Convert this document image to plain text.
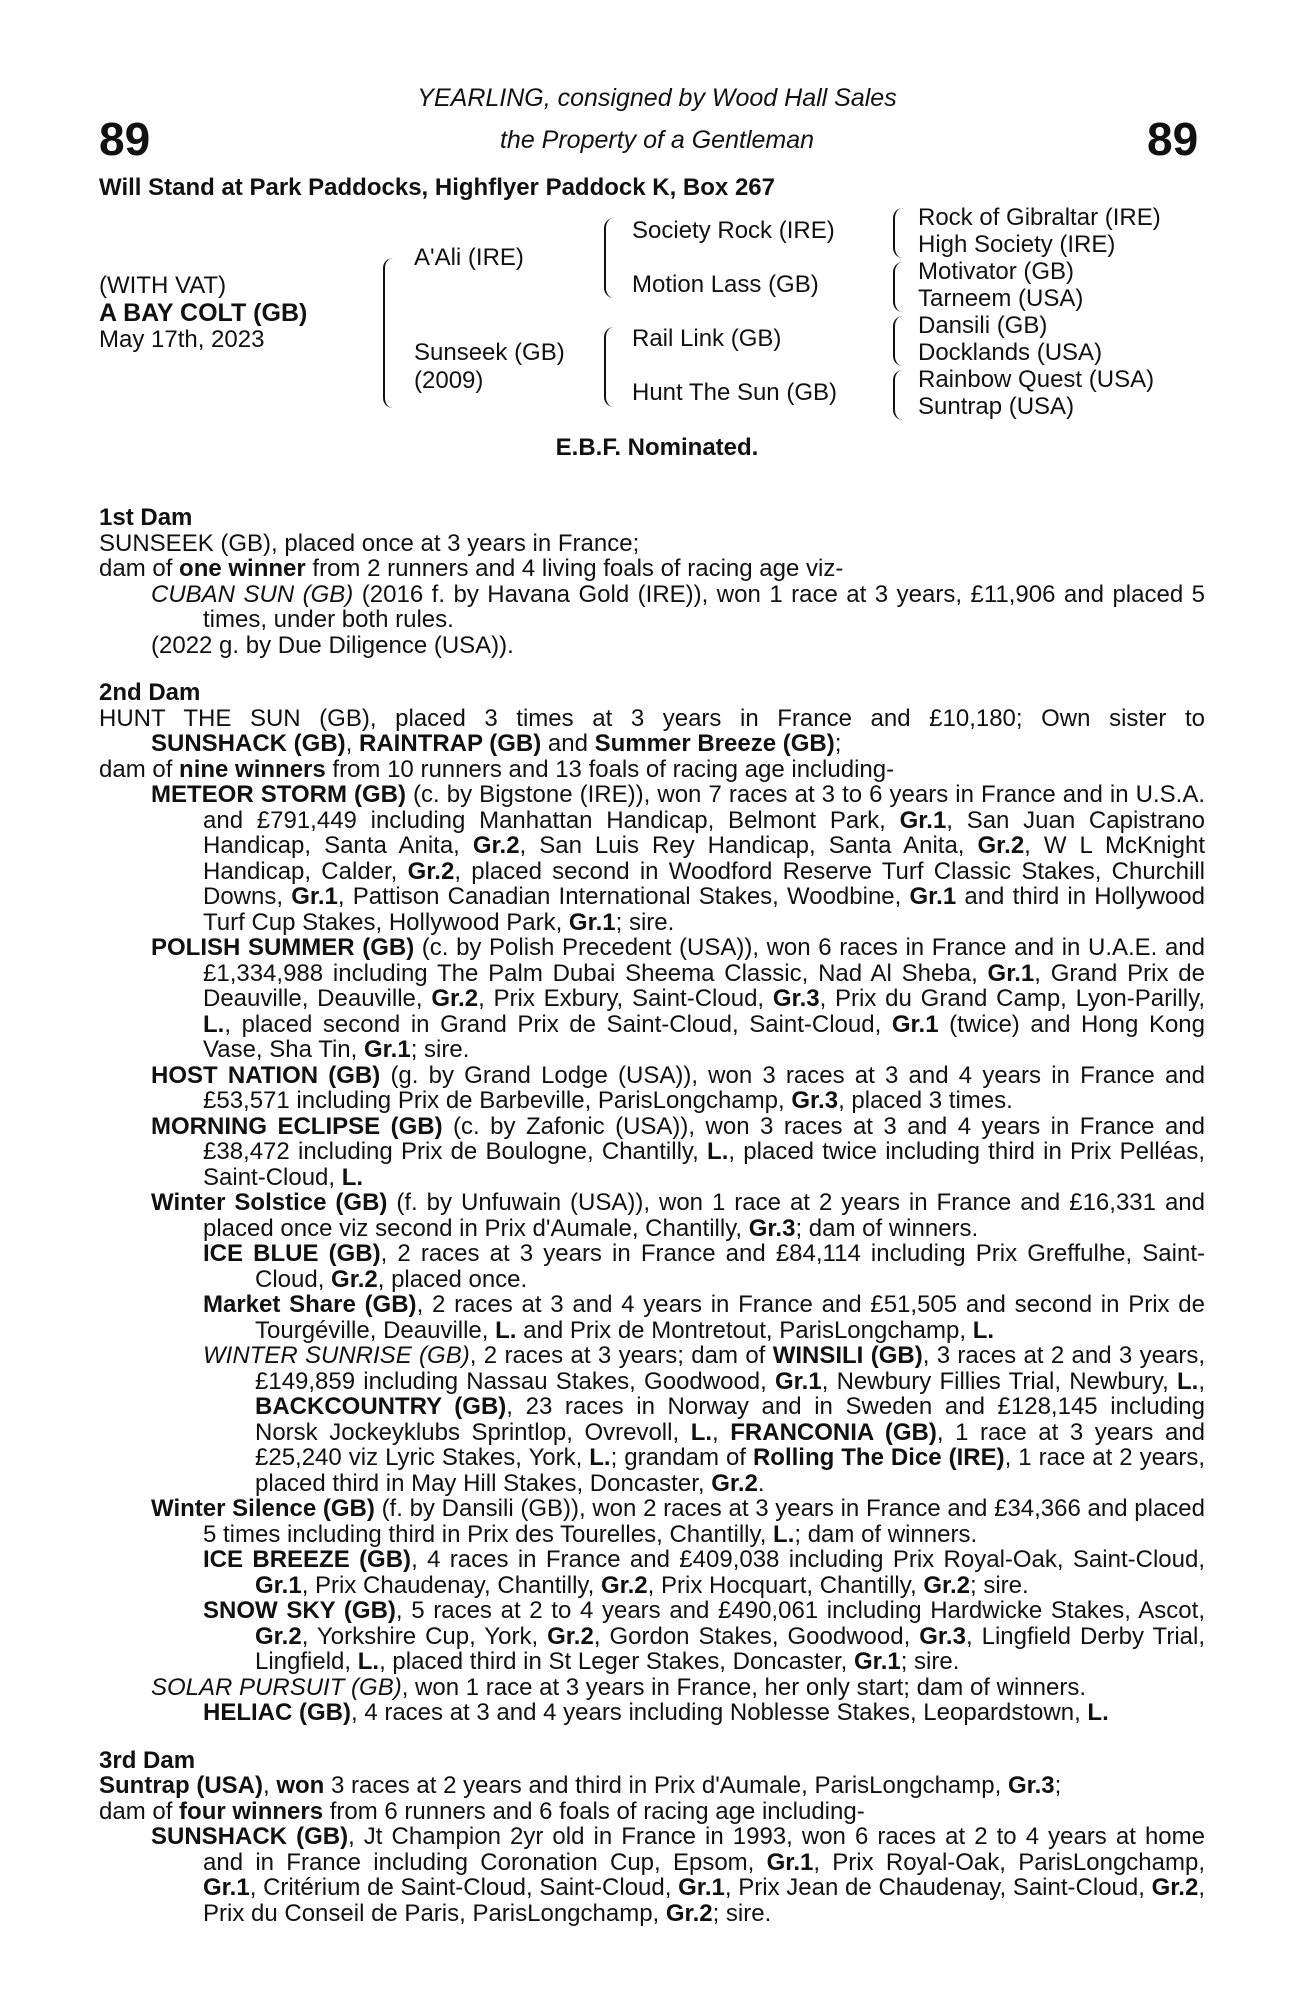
89	89
YEARLING, consigned by Wood Hall Sales
the Property of a Gentleman
Will Stand at Park Paddocks, Highflyer Paddock K, Box 267
(WITH VAT)
A BAY COLT (GB)
May 17th, 2023
A'Ali (IRE)
Sunseek (GB)
(2009)
Society Rock (IRE)
Motion Lass (GB)
Rail Link (GB)
Hunt The Sun (GB)
Rock of Gibraltar (IRE)
High Society (IRE)
Motivator (GB)
Tarneem (USA)
Dansili (GB)
Docklands (USA)
Rainbow Quest (USA)
Suntrap (USA)
E.B.F. Nominated.

1st Dam

SUNSEEK (GB), placed once at 3 years in France;
dam of one winner from 2 runners and 4 living foals of racing age viz-

CUBAN SUN (GB) (2016 f. by Havana Gold (IRE)), won 1 race at 3 years, £11,906 and placed 5 times, under both rules.

(2022 g. by Due Diligence (USA)).

2nd Dam

HUNT THE SUN (GB), placed 3 times at 3 years in France and £10,180; Own sister to SUNSHACK (GB), RAINTRAP (GB) and Summer Breeze (GB);
dam of nine winners from 10 runners and 13 foals of racing age including-

METEOR STORM (GB) (c. by Bigstone (IRE)), won 7 races at 3 to 6 years in France and in U.S.A. and £791,449 including Manhattan Handicap, Belmont Park, Gr.1, San Juan Capistrano Handicap, Santa Anita, Gr.2, San Luis Rey Handicap, Santa Anita, Gr.2, W L McKnight Handicap, Calder, Gr.2, placed second in Woodford Reserve Turf Classic Stakes, Churchill Downs, Gr.1, Pattison Canadian International Stakes, Woodbine, Gr.1 and third in Hollywood Turf Cup Stakes, Hollywood Park, Gr.1; sire.

POLISH SUMMER (GB) (c. by Polish Precedent (USA)), won 6 races in France and in U.A.E. and £1,334,988 including The Palm Dubai Sheema Classic, Nad Al Sheba, Gr.1, Grand Prix de Deauville, Deauville, Gr.2, Prix Exbury, Saint-Cloud, Gr.3, Prix du Grand Camp, Lyon-Parilly, L., placed second in Grand Prix de Saint-Cloud, Saint-Cloud, Gr.1 (twice) and Hong Kong Vase, Sha Tin, Gr.1; sire.

HOST NATION (GB) (g. by Grand Lodge (USA)), won 3 races at 3 and 4 years in France and £53,571 including Prix de Barbeville, ParisLongchamp, Gr.3, placed 3 times.

MORNING ECLIPSE (GB) (c. by Zafonic (USA)), won 3 races at 3 and 4 years in France and £38,472 including Prix de Boulogne, Chantilly, L., placed twice including third in Prix Pelléas, Saint-Cloud, L.

Winter Solstice (GB) (f. by Unfuwain (USA)), won 1 race at 2 years in France and £16,331 and placed once viz second in Prix d'Aumale, Chantilly, Gr.3; dam of winners.

ICE BLUE (GB), 2 races at 3 years in France and £84,114 including Prix Greffulhe, Saint-Cloud, Gr.2, placed once.

Market Share (GB), 2 races at 3 and 4 years in France and £51,505 and second in Prix de Tourgéville, Deauville, L. and Prix de Montretout, ParisLongchamp, L.

WINTER SUNRISE (GB), 2 races at 3 years; dam of WINSILI (GB), 3 races at 2 and 3 years, £149,859 including Nassau Stakes, Goodwood, Gr.1, Newbury Fillies Trial, Newbury, L., BACKCOUNTRY (GB), 23 races in Norway and in Sweden and £128,145 including Norsk Jockeyklubs Sprintlop, Ovrevoll, L., FRANCONIA (GB), 1 race at 3 years and £25,240 viz Lyric Stakes, York, L.; grandam of Rolling The Dice (IRE), 1 race at 2 years, placed third in May Hill Stakes, Doncaster, Gr.2.

Winter Silence (GB) (f. by Dansili (GB)), won 2 races at 3 years in France and £34,366 and placed 5 times including third in Prix des Tourelles, Chantilly, L.; dam of winners.

ICE BREEZE (GB), 4 races in France and £409,038 including Prix Royal-Oak, Saint-Cloud, Gr.1, Prix Chaudenay, Chantilly, Gr.2, Prix Hocquart, Chantilly, Gr.2; sire.

SNOW SKY (GB), 5 races at 2 to 4 years and £490,061 including Hardwicke Stakes, Ascot, Gr.2, Yorkshire Cup, York, Gr.2, Gordon Stakes, Goodwood, Gr.3, Lingfield Derby Trial, Lingfield, L., placed third in St Leger Stakes, Doncaster, Gr.1; sire.

SOLAR PURSUIT (GB), won 1 race at 3 years in France, her only start; dam of winners.

HELIAC (GB), 4 races at 3 and 4 years including Noblesse Stakes, Leopardstown, L.

3rd Dam

Suntrap (USA), won 3 races at 2 years and third in Prix d'Aumale, ParisLongchamp, Gr.3;
dam of four winners from 6 runners and 6 foals of racing age including-

SUNSHACK (GB), Jt Champion 2yr old in France in 1993, won 6 races at 2 to 4 years at home and in France including Coronation Cup, Epsom, Gr.1, Prix Royal-Oak, ParisLongchamp, Gr.1, Critérium de Saint-Cloud, Saint-Cloud, Gr.1, Prix Jean de Chaudenay, Saint-Cloud, Gr.2, Prix du Conseil de Paris, ParisLongchamp, Gr.2; sire.
